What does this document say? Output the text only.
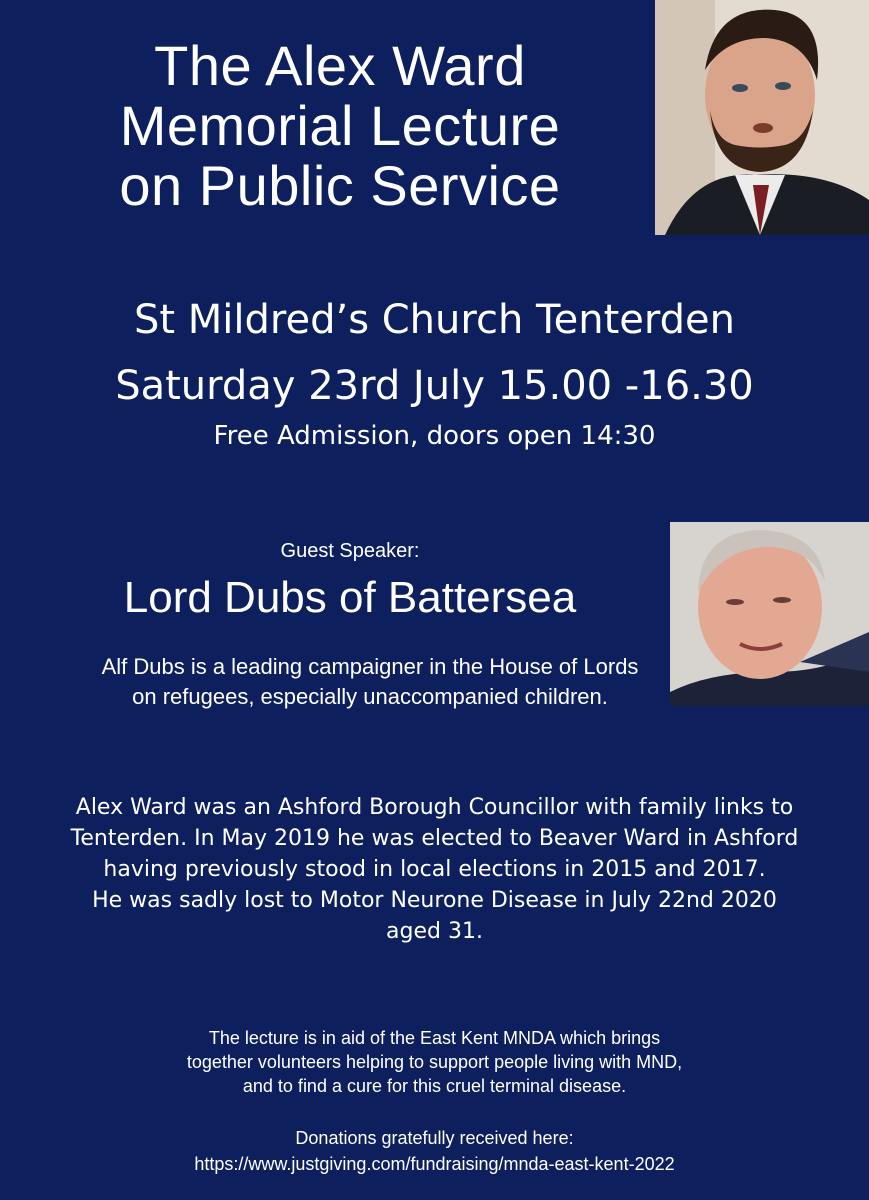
The Alex Ward
Memorial Lecture
on Public Service
St Mildred’s Church Tenterden
Saturday 23rd July 15.00 -16.30
Free Admission, doors open 14:30
Guest Speaker:
Lord Dubs of Battersea
Alf Dubs is a leading campaigner in the House of Lords
on refugees, especially unaccompanied children.
Alex Ward was an Ashford Borough Councillor with family links to
Tenterden. In May 2019 he was elected to Beaver Ward in Ashford
having previously stood in local elections in 2015 and 2017.
He was sadly lost to Motor Neurone Disease in July 22nd 2020
aged 31.
The lecture is in aid of the East Kent MNDA which brings
together volunteers helping to support people living with MND,
and to find a cure for this cruel terminal disease.
Donations gratefully received here:
https://www.justgiving.com/fundraising/mnda-east-kent-2022
